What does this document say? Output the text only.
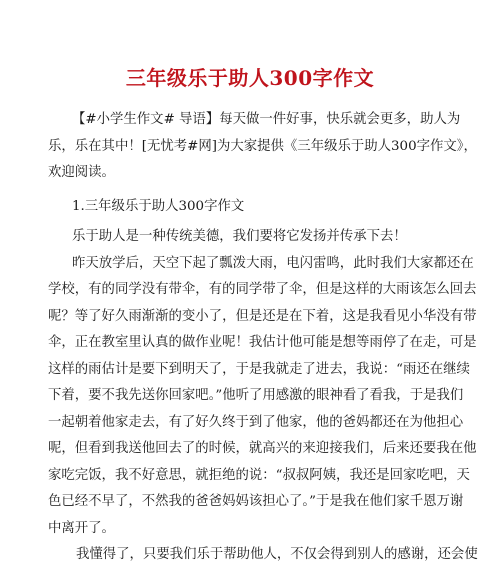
三年级乐于助人300字作文
【#小学生作文# 导语】每天做一件好事，快乐就会更多，助人为
乐，乐在其中！[无忧考#网]为大家提供《三年级乐于助人300字作文》，
欢迎阅读。
1.三年级乐于助人300字作文
乐于助人是一种传统美德，我们要将它发扬并传承下去！
昨天放学后，天空下起了瓢泼大雨，电闪雷鸣，此时我们大家都还在
学校，有的同学没有带伞，有的同学带了伞，但是这样的大雨该怎么回去
呢？等了好久雨渐渐的变小了，但是还是在下着，这是我看见小华没有带
伞，正在教室里认真的做作业呢！我估计他可能是想等雨停了在走，可是
这样的雨估计是要下到明天了，于是我就走了进去，我说：“雨还在继续
下着，要不我先送你回家吧。”他听了用感激的眼神看了看我，于是我们
一起朝着他家走去，有了好久终于到了他家，他的爸妈都还在为他担心
呢，但看到我送他回去了的时候，就高兴的来迎接我们，后来还要我在他
家吃完饭，我不好意思，就拒绝的说：“叔叔阿姨，我还是回家吃吧，天
色已经不早了，不然我的爸爸妈妈该担心了。”于是我在他们家千恩万谢
中离开了。
我懂得了，只要我们乐于帮助他人，不仅会得到别人的感谢，还会使
